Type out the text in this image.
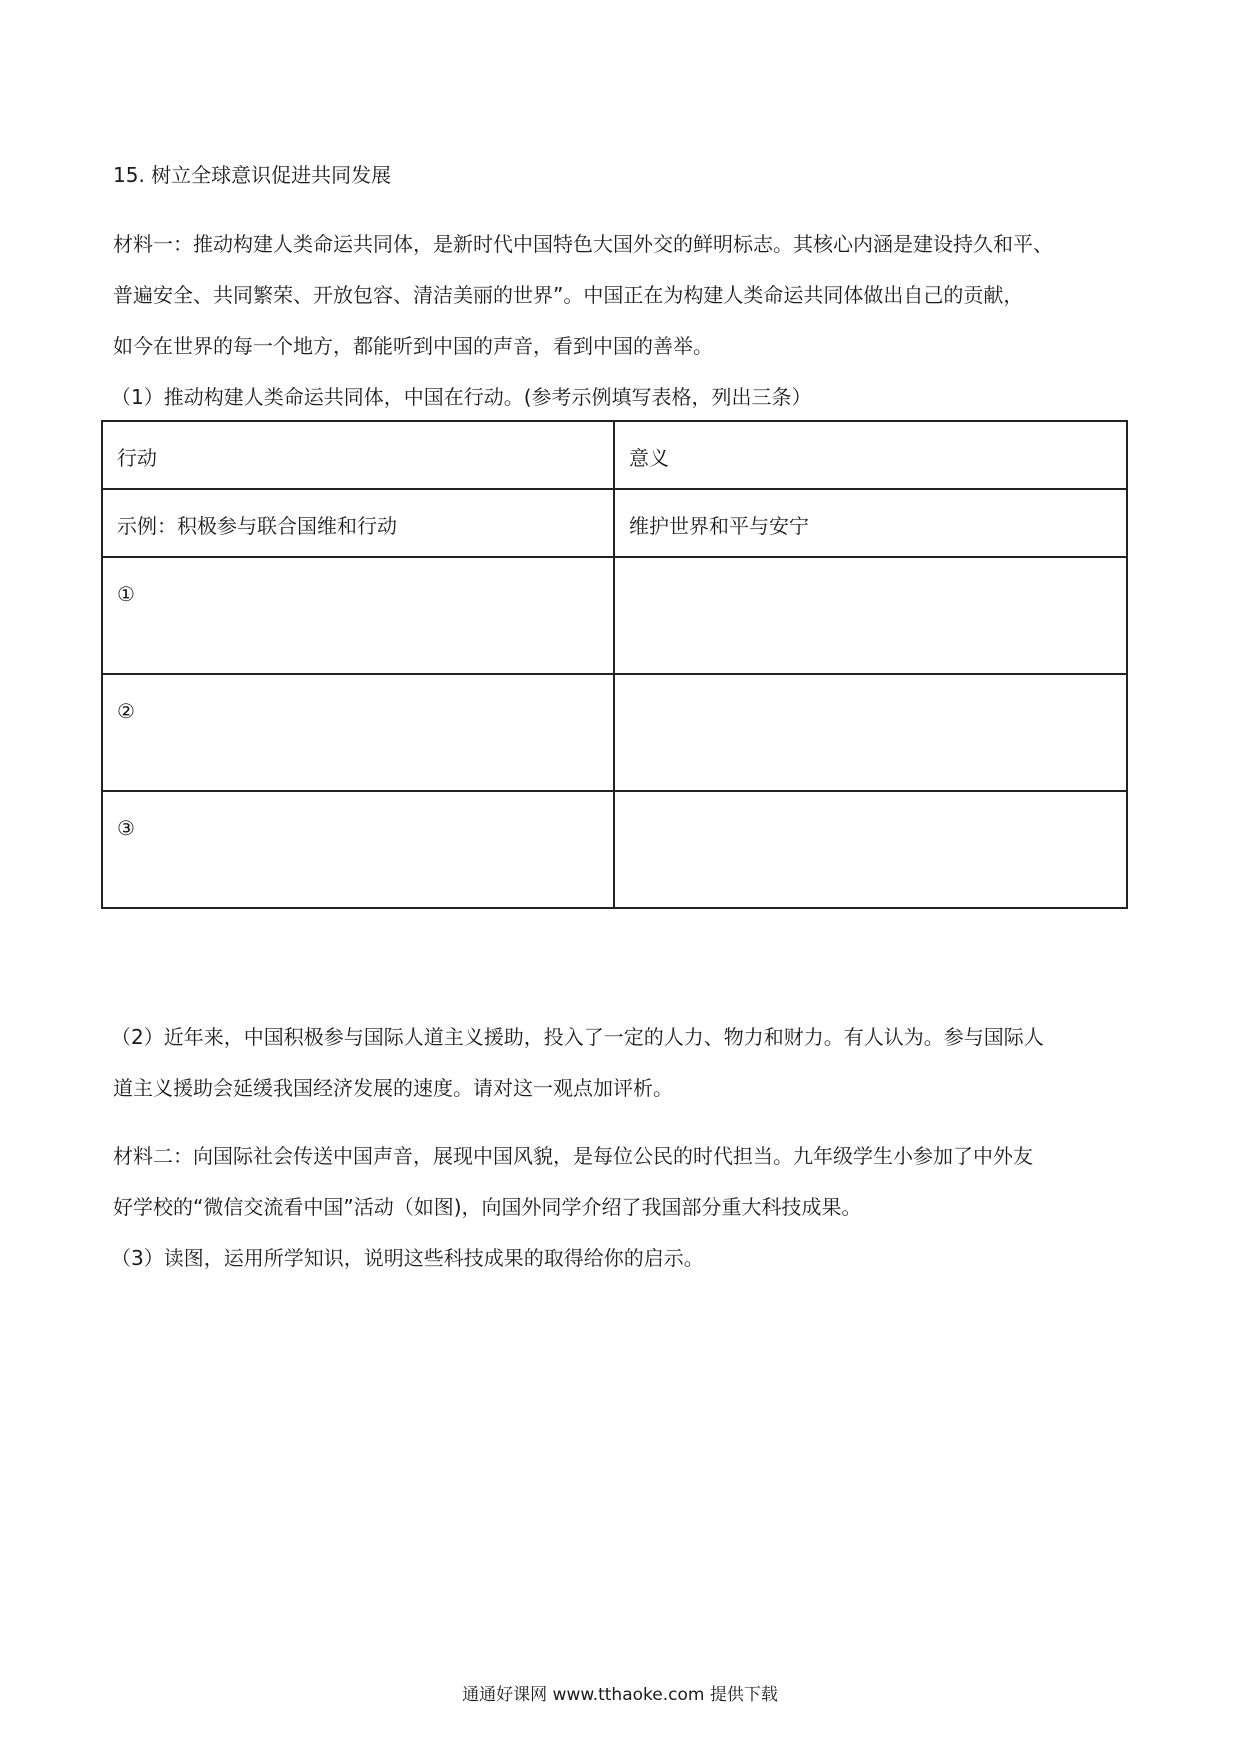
15. 树立全球意识促进共同发展
材料一：推动构建人类命运共同体，是新时代中国特色大国外交的鲜明标志。其核心内涵是建设持久和平、
普遍安全、共同繁荣、开放包容、清洁美丽的世界”。中国正在为构建人类命运共同体做出自己的贡献，
如今在世界的每一个地方，都能听到中国的声音，看到中国的善举。
（1）推动构建人类命运共同体，中国在行动。(参考示例填写表格，列出三条）
行动	意义
示例：积极参与联合国维和行动	维护世界和平与安宁
①	
②	
③	
（2）近年来，中国积极参与国际人道主义援助，投入了一定的人力、物力和财力。有人认为。参与国际人
道主义援助会延缓我国经济发展的速度。请对这一观点加评析。
材料二：向国际社会传送中国声音，展现中国风貌，是每位公民的时代担当。九年级学生小参加了中外友
好学校的“微信交流看中国”活动（如图)，向国外同学介绍了我国部分重大科技成果。
（3）读图，运用所学知识，说明这些科技成果的取得给你的启示。
通通好课网 www.tthaoke.com 提供下载
